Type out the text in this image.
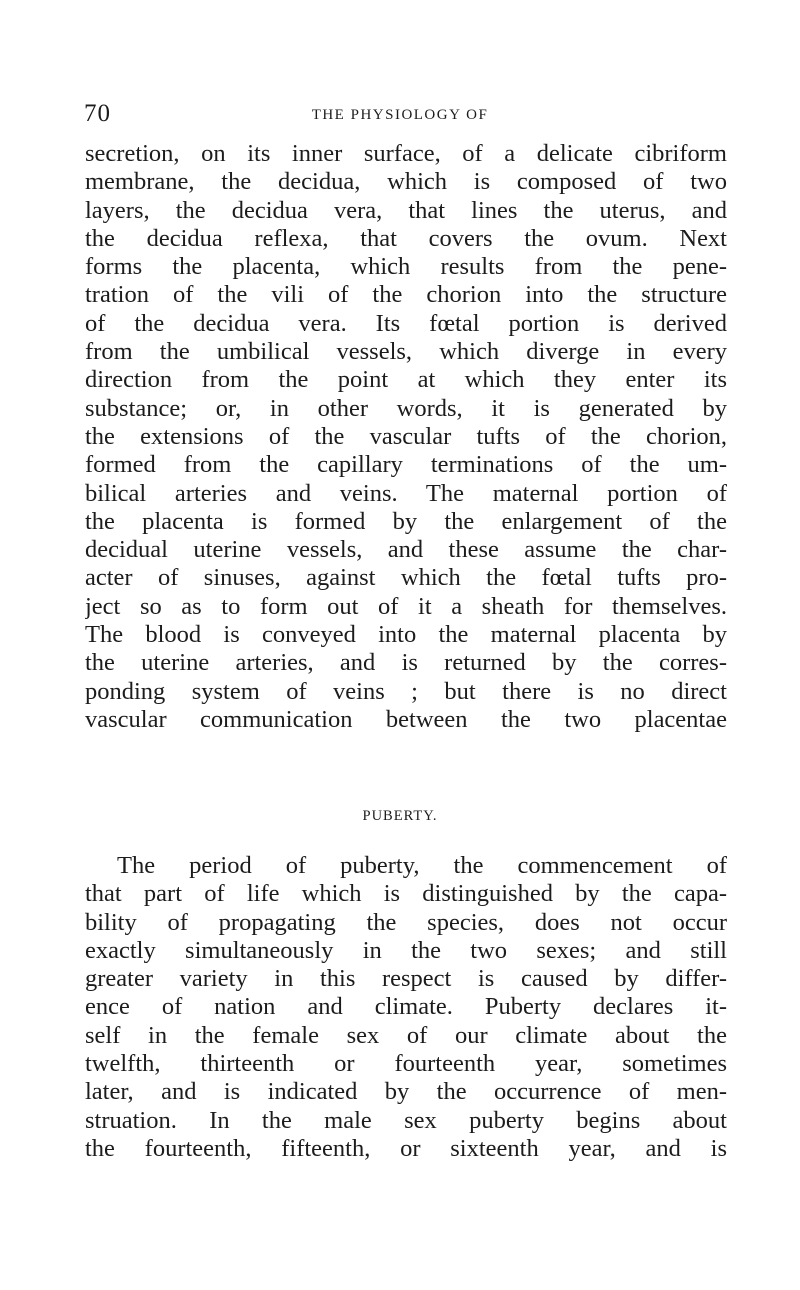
70	THE PHYSIOLOGY OF
secretion, on its inner surface, of a delicate cibriform
membrane, the decidua, which is composed of two
layers, the decidua vera, that lines the uterus, and
the decidua reflexa, that covers the ovum. Next
forms the placenta, which results from the pene-
tration of the vili of the chorion into the structure
of the decidua vera. Its fœtal portion is derived
from the umbilical vessels, which diverge in every
direction from the point at which they enter its
substance; or, in other words, it is generated by
the extensions of the vascular tufts of the chorion,
formed from the capillary terminations of the um-
bilical arteries and veins. The maternal portion of
the placenta is formed by the enlargement of the
decidual uterine vessels, and these assume the char-
acter of sinuses, against which the fœtal tufts pro-
ject so as to form out of it a sheath for themselves.
The blood is conveyed into the maternal placenta by
the uterine arteries, and is returned by the corres-
ponding system of veins ; but there is no direct
vascular communication between the two placentae
PUBERTY.
The period of puberty, the commencement of
that part of life which is distinguished by the capa-
bility of propagating the species, does not occur
exactly simultaneously in the two sexes; and still
greater variety in this respect is caused by differ-
ence of nation and climate. Puberty declares it-
self in the female sex of our climate about the
twelfth, thirteenth or fourteenth year, sometimes
later, and is indicated by the occurrence of men-
struation. In the male sex puberty begins about
the fourteenth, fifteenth, or sixteenth year, and is
